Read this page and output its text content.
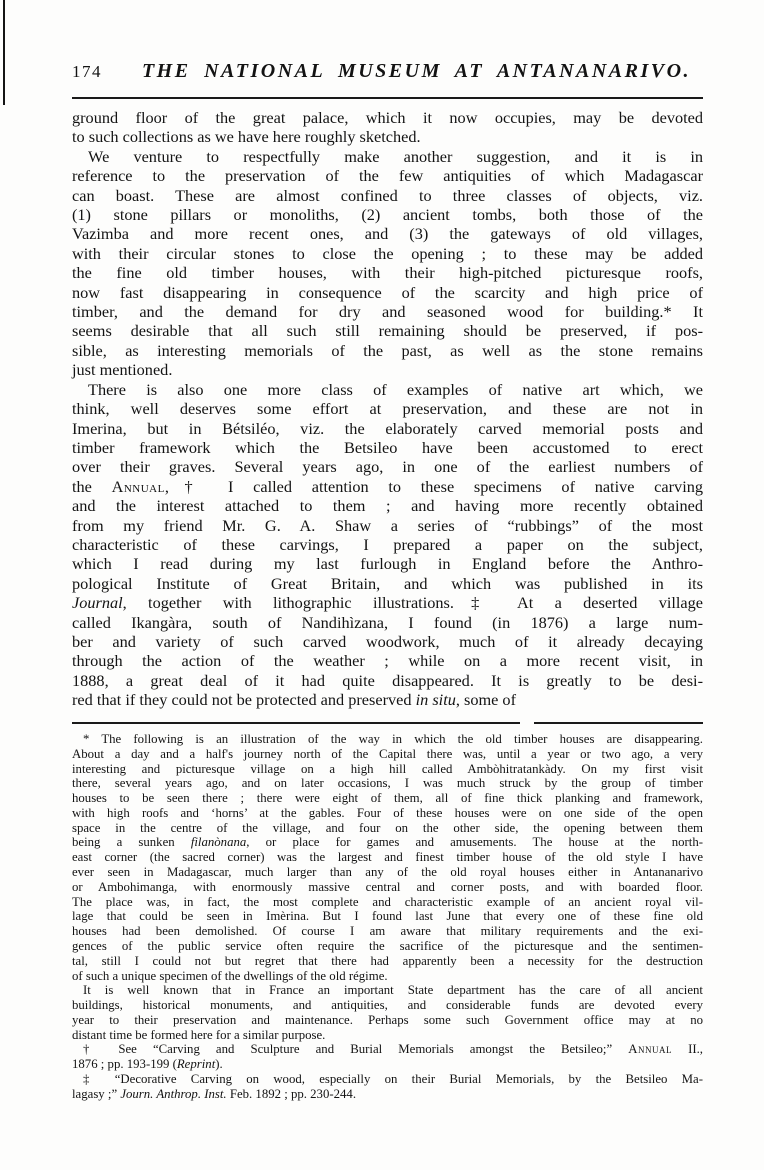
174	THE NATIONAL MUSEUM AT ANTANANARIVO.
ground floor of the great palace, which it now occupies, may be devoted
to such collections as we have here roughly sketched.
We venture to respectfully make another suggestion, and it is in
reference to the preservation of the few antiquities of which Madagascar
can boast. These are almost confined to three classes of objects, viz.
(1) stone pillars or monoliths, (2) ancient tombs, both those of the
Vazimba and more recent ones, and (3) the gateways of old villages,
with their circular stones to close the opening ; to these may be added
the fine old timber houses, with their high-pitched picturesque roofs,
now fast disappearing in consequence of the scarcity and high price of
timber, and the demand for dry and seasoned wood for building.* It
seems desirable that all such still remaining should be preserved, if pos-
sible, as interesting memorials of the past, as well as the stone remains
just mentioned.
There is also one more class of examples of native art which, we
think, well deserves some effort at preservation, and these are not in
Imerina, but in Bétsiléo, viz. the elaborately carved memorial posts and
timber framework which the Betsileo have been accustomed to erect
over their graves. Several years ago, in one of the earliest numbers of
the Annual,† I called attention to these specimens of native carving
and the interest attached to them ; and having more recently obtained
from my friend Mr. G. A. Shaw a series of “rubbings” of the most
characteristic of these carvings, I prepared a paper on the subject,
which I read during my last furlough in England before the Anthro-
pological Institute of Great Britain, and which was published in its
Journal, together with lithographic illustrations.‡ At a deserted village
called Ikangàra, south of Nandihìzana, I found (in 1876) a large num-
ber and variety of such carved woodwork, much of it already decaying
through the action of the weather ; while on a more recent visit, in
1888, a great deal of it had quite disappeared. It is greatly to be desi-
red that if they could not be protected and preserved in situ, some of
* The following is an illustration of the way in which the old timber houses are disappearing.
About a day and a half's journey north of the Capital there was, until a year or two ago, a very
interesting and picturesque village on a high hill called Ambòhitratankàdy. On my first visit
there, several years ago, and on later occasions, I was much struck by the group of timber
houses to be seen there ; there were eight of them, all of fine thick planking and framework,
with high roofs and ‘horns’ at the gables. Four of these houses were on one side of the open
space in the centre of the village, and four on the other side, the opening between them
being a sunken filanònana, or place for games and amusements. The house at the north-
east corner (the sacred corner) was the largest and finest timber house of the old style I have
ever seen in Madagascar, much larger than any of the old royal houses either in Antananarivo
or Ambohimanga, with enormously massive central and corner posts, and with boarded floor.
The place was, in fact, the most complete and characteristic example of an ancient royal vil-
lage that could be seen in Imèrina. But I found last June that every one of these fine old
houses had been demolished. Of course I am aware that military requirements and the exi-
gences of the public service often require the sacrifice of the picturesque and the sentimen-
tal, still I could not but regret that there had apparently been a necessity for the destruction
of such a unique specimen of the dwellings of the old régime.
It is well known that in France an important State department has the care of all ancient
buildings, historical monuments, and antiquities, and considerable funds are devoted every
year to their preservation and maintenance. Perhaps some such Government office may at no
distant time be formed here for a similar purpose.
† See “Carving and Sculpture and Burial Memorials amongst the Betsileo;” Annual II.,
1876 ; pp. 193-199 (Reprint).
‡ “Decorative Carving on wood, especially on their Burial Memorials, by the Betsileo Ma-
lagasy ;” Journ. Anthrop. Inst. Feb. 1892 ; pp. 230-244.
